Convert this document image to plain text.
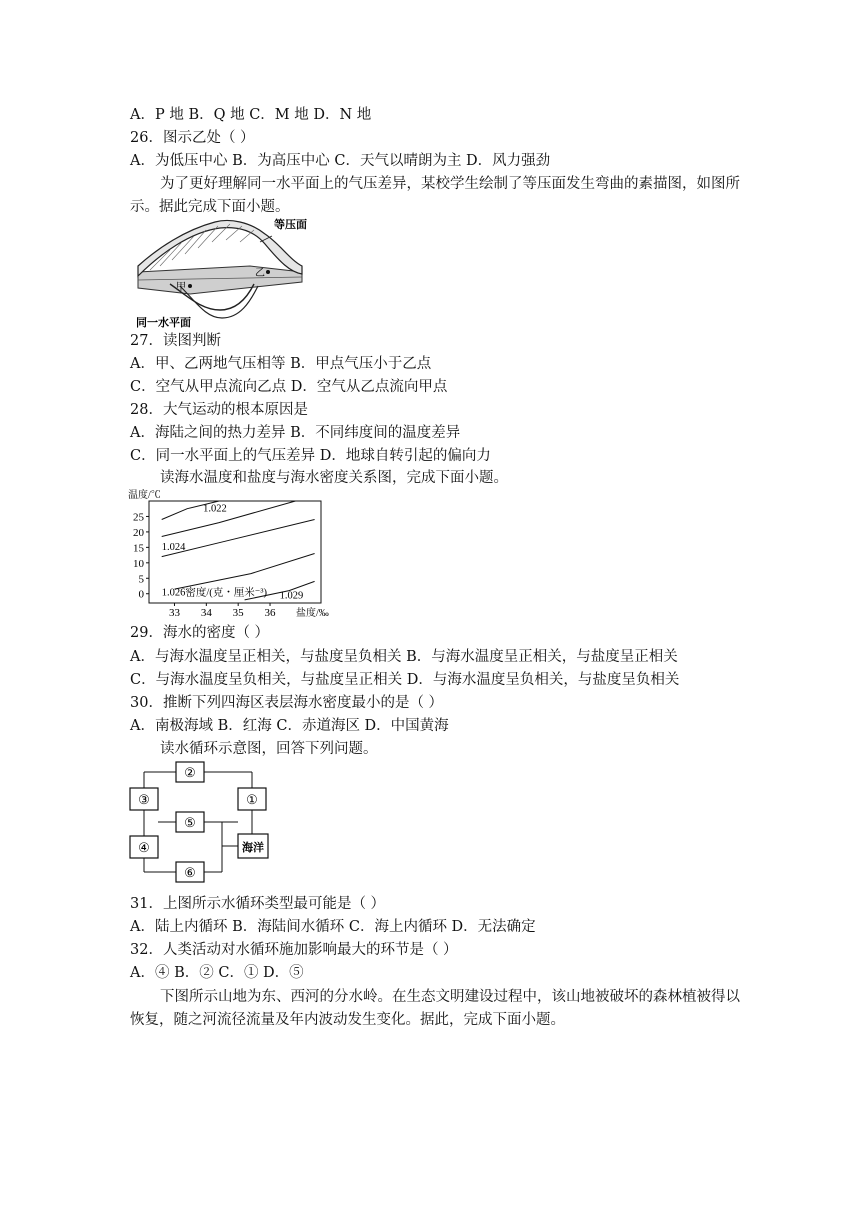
A．P 地 B．Q 地 C．M 地 D．N 地
26．图示乙处（ ）
A．为低压中心 B．为高压中心 C．天气以晴朗为主 D．风力强劲
为了更好理解同一水平面上的气压差异，某校学生绘制了等压面发生弯曲的素描图，如图所示。据此完成下面小题。
等压面
甲
乙
同一水平面
27．读图判断
A．甲、乙两地气压相等 B．甲点气压小于乙点
C．空气从甲点流向乙点 D．空气从乙点流向甲点
28．大气运动的根本原因是
A．海陆之间的热力差异 B．不同纬度间的温度差异
C．同一水平面上的气压差异 D．地球自转引起的偏向力
读海水温度和盐度与海水密度关系图，完成下面小题。
温度/℃
盐度/‰
25
20
15
10
5
0
33 34 35 36
1.022
1.024
1.026密度/(克・厘米⁻³) 1.029
29．海水的密度（ ）
A．与海水温度呈正相关，与盐度呈负相关 B．与海水温度呈正相关，与盐度呈正相关
C．与海水温度呈负相关，与盐度呈正相关 D．与海水温度呈负相关，与盐度呈负相关
30．推断下列四海区表层海水密度最小的是（ ）
A．南极海域 B．红海 C．赤道海区 D．中国黄海
读水循环示意图，回答下列问题。
②
③	①
⑤
④	海洋
⑥
31．上图所示水循环类型最可能是（ ）
A．陆上内循环 B．海陆间水循环 C．海上内循环 D．无法确定
32．人类活动对水循环施加影响最大的环节是（ ）
A．④ B．② C．① D．⑤
下图所示山地为东、西河的分水岭。在生态文明建设过程中，该山地被破坏的森林植被得以恢复，随之河流径流量及年内波动发生变化。据此，完成下面小题。
